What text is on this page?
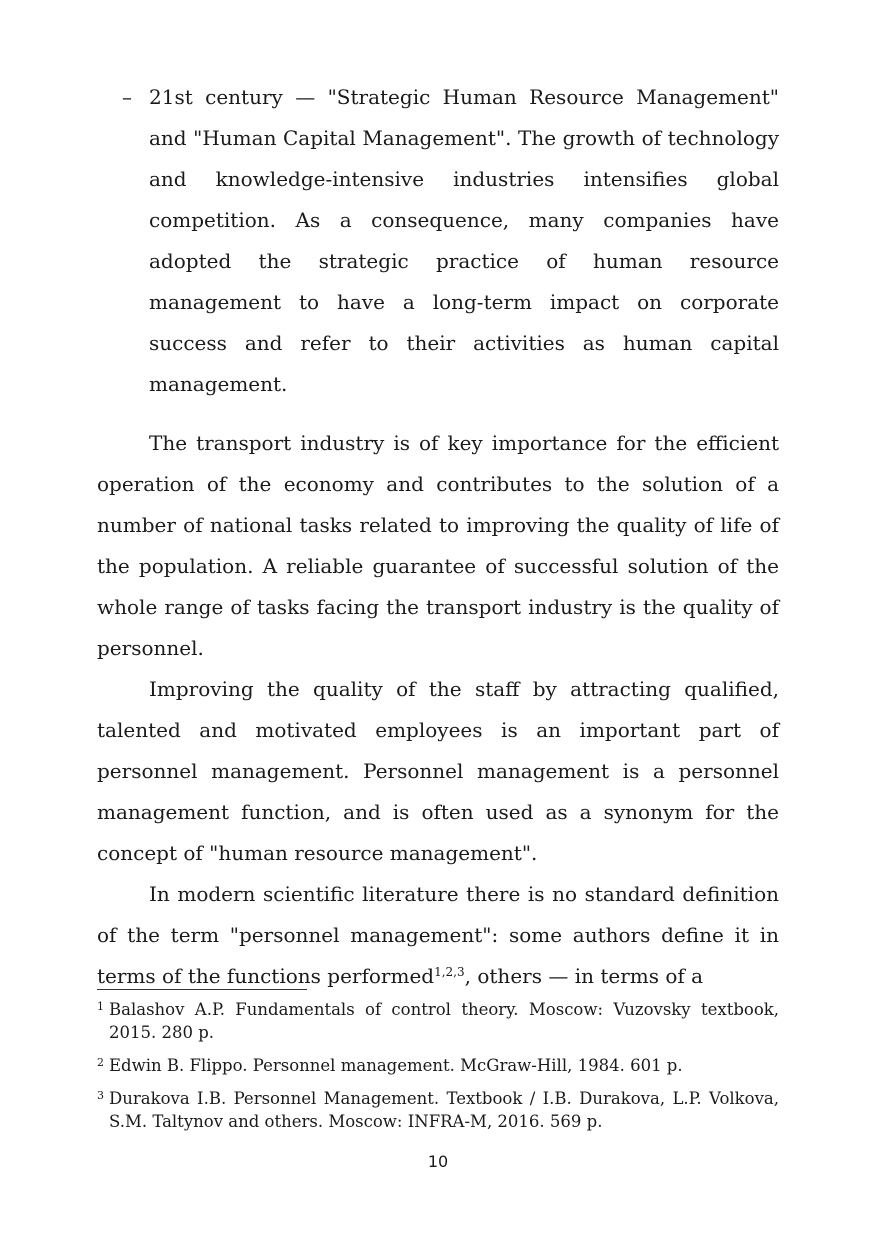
– 21st century — "Strategic Human Resource Management" and "Human Capital Management". The growth of technology and knowledge-intensive industries intensifies global competition. As a consequence, many companies have adopted the strategic practice of human resource management to have a long-term impact on corporate success and refer to their activities as human capital management.

The transport industry is of key importance for the efficient operation of the economy and contributes to the solution of a number of national tasks related to improving the quality of life of the population. A reliable guarantee of successful solution of the whole range of tasks facing the transport industry is the quality of personnel.

Improving the quality of the staff by attracting qualified, talented and motivated employees is an important part of personnel management. Personnel management is a personnel management function, and is often used as a synonym for the concept of "human resource management".

In modern scientific literature there is no standard definition of the term "personnel management": some authors define it in terms of the functions performed$^{1,2,3}$, others — in terms of a

1 Balashov A.P. Fundamentals of control theory. Moscow: Vuzovsky textbook, 2015. 280 p.

2 Edwin B. Flippo. Personnel management. McGraw-Hill, 1984. 601 p.

3 Durakova I.B. Personnel Management. Textbook / I.B. Durakova, L.P. Volkova, S.M. Taltynov and others. Moscow: INFRA-M, 2016. 569 p.

10
